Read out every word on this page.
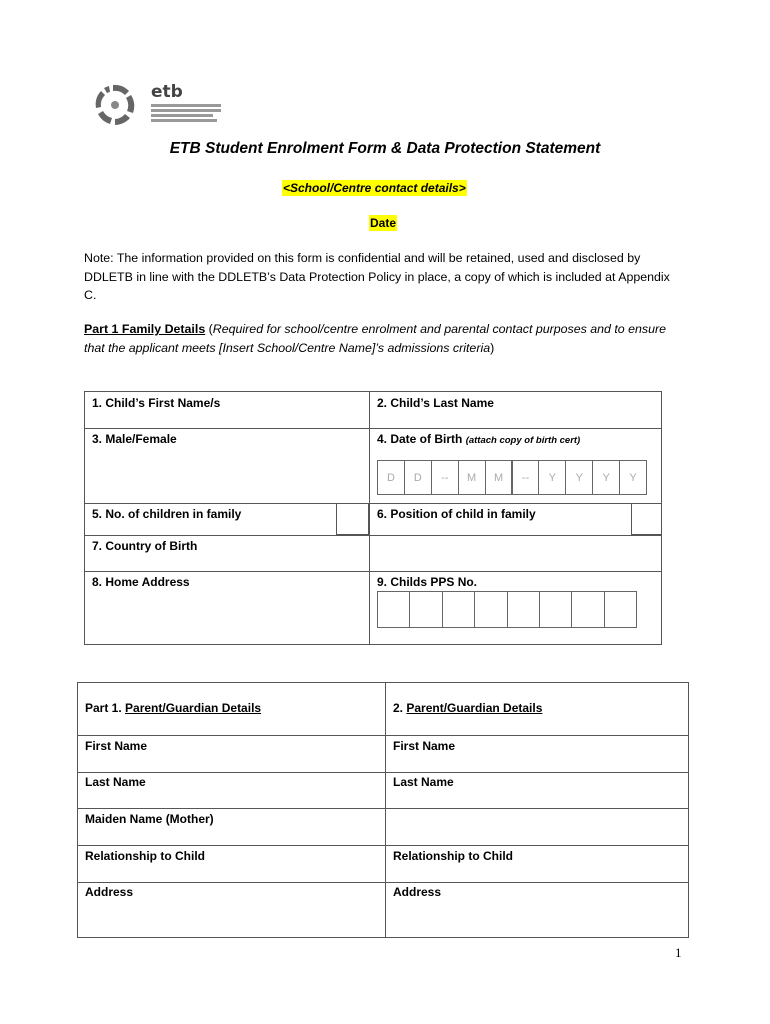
etb
ETB Student Enrolment Form & Data Protection Statement
<School/Centre contact details>
Date
Note: The information provided on this form is confidential and will be retained, used and disclosed by DDLETB in line with the DDLETB’s Data Protection Policy in place, a copy of which is included at Appendix C.
Part 1 Family Details (Required for school/centre enrolment and parental contact purposes and to ensure that the applicant meets [Insert School/Centre Name]’s admissions criteria)
1. Child’s First Name/s	2. Child’s Last Name
3. Male/Female	4. Date of Birth (attach copy of birth cert)
D	D	--	M	M	--	Y	Y	Y	Y
5. No. of children in family	6. Position of child in family
7. Country of Birth
8. Home Address	9. Childs PPS No.
Part 1. Parent/Guardian Details	2. Parent/Guardian Details
First Name	First Name
Last Name	Last Name
Maiden Name (Mother)
Relationship to Child	Relationship to Child
Address	Address
1
